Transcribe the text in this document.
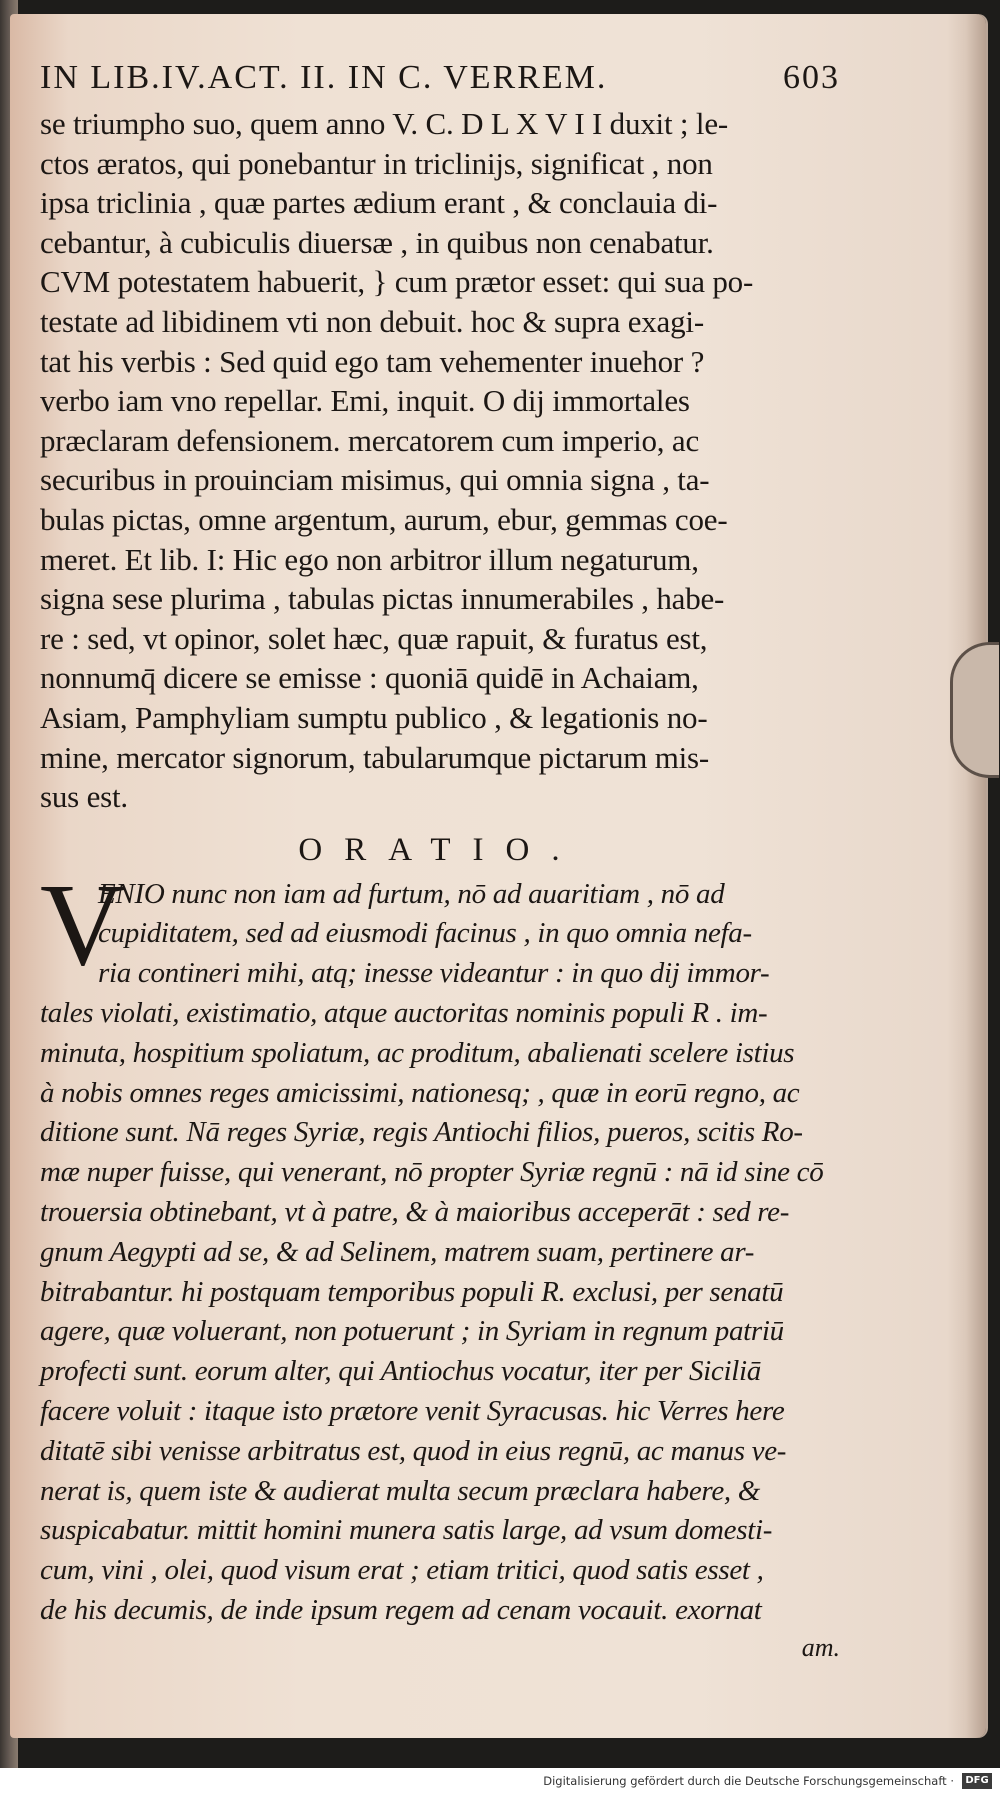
IN LIB.IV.ACT. II. IN C. VERREM.	603
se triumpho suo, quem anno V. C. D L X V I I duxit ; le-
ctos æratos, qui ponebantur in triclinijs, significat , non
ipsa triclinia , quæ partes ædium erant , & conclauia di-
cebantur, à cubiculis diuersæ , in quibus non cenabatur.
CVM potestatem habuerit, } cum prætor esset: qui sua po-
testate ad libidinem vti non debuit. hoc & supra exagi-
tat his verbis : Sed quid ego tam vehementer inuehor ?
verbo iam vno repellar. Emi, inquit. O dij immortales
præclaram defensionem. mercatorem cum imperio, ac
securibus in prouinciam misimus, qui omnia signa , ta-
bulas pictas, omne argentum, aurum, ebur, gemmas coe-
meret. Et lib. I: Hic ego non arbitror illum negaturum,
signa sese plurima , tabulas pictas innumerabiles , habe-
re : sed, vt opinor, solet hæc, quæ rapuit, & furatus est,
nonnumq̄ dicere se emisse : quoniā quidē in Achaiam,
Asiam, Pamphyliam sumptu publico , & legationis no-
mine, mercator signorum, tabularumque pictarum mis-
sus est.
ORATIO.
V
ENIO nunc non iam ad furtum, nō ad auaritiam , nō ad
cupiditatem, sed ad eiusmodi facinus , in quo omnia nefa-
ria contineri mihi, atq; inesse videantur : in quo dij immor-
tales violati, existimatio, atque auctoritas nominis populi R . im-
minuta, hospitium spoliatum, ac proditum, abalienati scelere istius
à nobis omnes reges amicissimi, nationesq; , quæ in eorū regno, ac
ditione sunt. Nā reges Syriæ, regis Antiochi filios, pueros, scitis Ro-
mæ nuper fuisse, qui venerant, nō propter Syriæ regnū : nā id sine cō
trouersia obtinebant, vt à patre, & à maioribus acceperāt : sed re-
gnum Aegypti ad se, & ad Selinem, matrem suam, pertinere ar-
bitrabantur. hi postquam temporibus populi R. exclusi, per senatū
agere, quæ voluerant, non potuerunt ; in Syriam in regnum patriū
profecti sunt. eorum alter, qui Antiochus vocatur, iter per Siciliā
facere voluit : itaque isto prætore venit Syracusas. hic Verres here
ditatē sibi venisse arbitratus est, quod in eius regnū, ac manus ve-
nerat is, quem iste & audierat multa secum præclara habere, &
suspicabatur. mittit homini munera satis large, ad vsum domesti-
cum, vini , olei, quod visum erat ; etiam tritici, quod satis esset ,
de his decumis, de inde ipsum regem ad cenam vocauit. exornat
am.
Digitalisierung gefördert durch die Deutsche Forschungsgemeinschaft ·	DFG
